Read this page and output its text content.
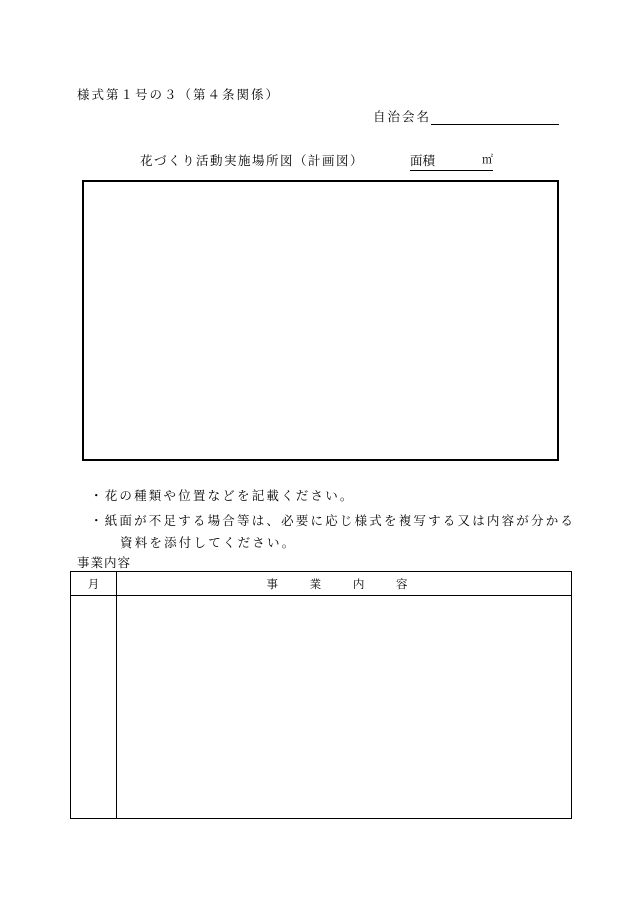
様式第１号の３（第４条関係）
自治会名
花づくり活動実施場所図（計画図）	面積	㎡
・花の種類や位置などを記載ください。
・紙面が不足する場合等は、必要に応じ様式を複写する又は内容が分かる
資料を添付してください。
事業内容
月	事 業 内 容
